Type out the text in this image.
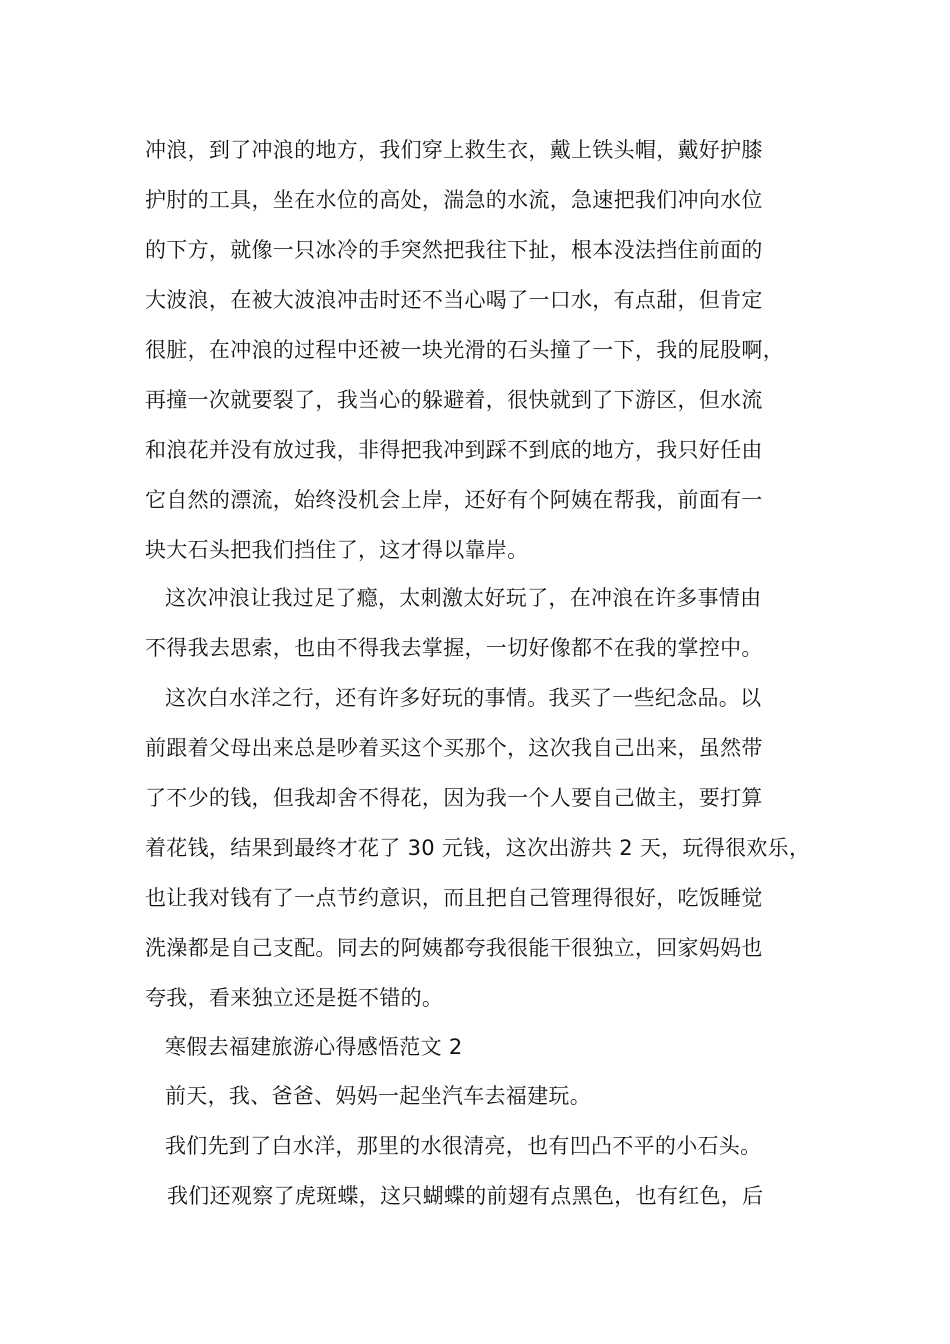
冲浪，到了冲浪的地方，我们穿上救生衣，戴上铁头帽，戴好护膝
护肘的工具，坐在水位的高处，湍急的水流，急速把我们冲向水位
的下方，就像一只冰冷的手突然把我往下扯，根本没法挡住前面的
大波浪，在被大波浪冲击时还不当心喝了一口水，有点甜，但肯定
很脏，在冲浪的过程中还被一块光滑的石头撞了一下，我的屁股啊，
再撞一次就要裂了，我当心的躲避着，很快就到了下游区，但水流
和浪花并没有放过我，非得把我冲到踩不到底的地方，我只好任由
它自然的漂流，始终没机会上岸，还好有个阿姨在帮我，前面有一
块大石头把我们挡住了，这才得以靠岸。
这次冲浪让我过足了瘾，太刺激太好玩了，在冲浪在许多事情由
不得我去思索，也由不得我去掌握，一切好像都不在我的掌控中。
这次白水洋之行，还有许多好玩的事情。我买了一些纪念品。以
前跟着父母出来总是吵着买这个买那个，这次我自己出来，虽然带
了不少的钱，但我却舍不得花，因为我一个人要自己做主，要打算
着花钱，结果到最终才花了 30 元钱，这次出游共 2 天，玩得很欢乐，
也让我对钱有了一点节约意识，而且把自己管理得很好，吃饭睡觉
洗澡都是自己支配。同去的阿姨都夸我很能干很独立，回家妈妈也
夸我，看来独立还是挺不错的。
寒假去福建旅游心得感悟范文 2
前天，我、爸爸、妈妈一起坐汽车去福建玩。
我们先到了白水洋，那里的水很清亮，也有凹凸不平的小石头。
我们还观察了虎斑蝶，这只蝴蝶的前翅有点黑色，也有红色，后
